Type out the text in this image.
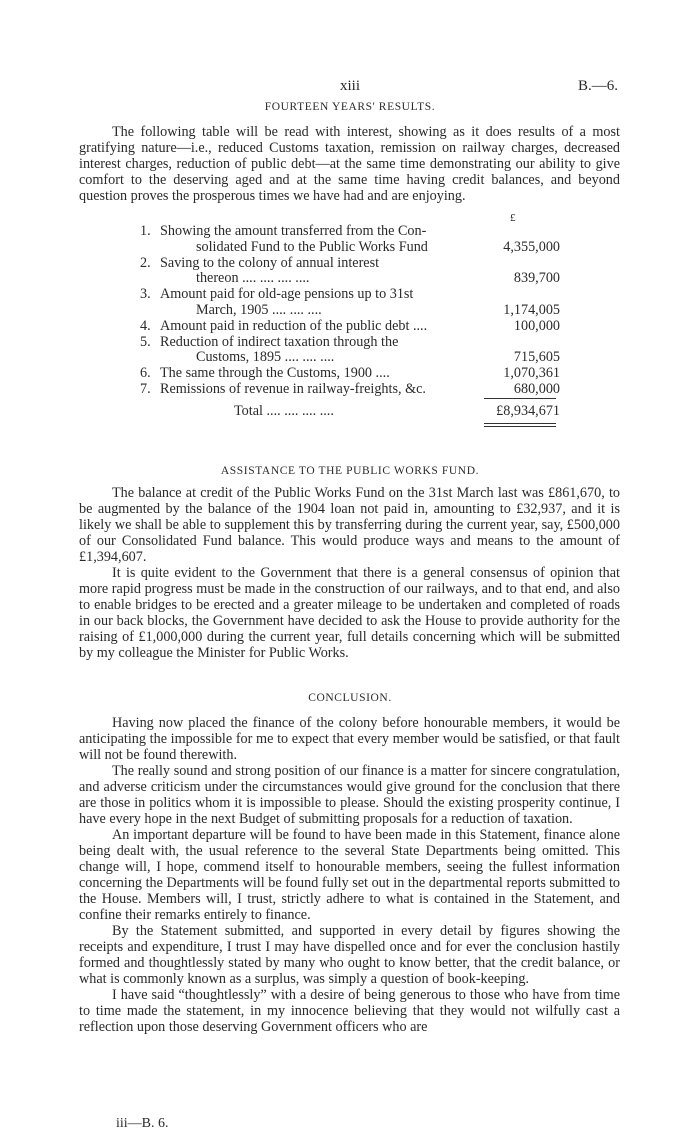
xiii	B.—6.
FOURTEEN YEARS' RESULTS.

The following table will be read with interest, showing as it does results of a most gratifying nature—i.e., reduced Customs taxation, remission on railway charges, decreased interest charges, reduction of public debt—at the same time demonstrating our ability to give comfort to the deserving aged and at the same time having credit balances, and beyond question proves the prosperous times we have had and are enjoying.

£
1. Showing the amount transferred from the Con-
solidated Fund to the Public Works Fund	4,355,000
2. Saving to the colony of annual interest
thereon .... .... .... ....	839,700
3. Amount paid for old-age pensions up to 31st
March, 1905 .... .... ....	1,174,005
4. Amount paid in reduction of the public debt ....	100,000
5. Reduction of indirect taxation through the
Customs, 1895 .... .... ....	715,605
6. The same through the Customs, 1900 ....	1,070,361
7. Remissions of revenue in railway-freights, &c.	680,000
Total .... .... .... ....	£8,934,671
ASSISTANCE TO THE PUBLIC WORKS FUND.

The balance at credit of the Public Works Fund on the 31st March last was £861,670, to be augmented by the balance of the 1904 loan not paid in, amounting to £32,937, and it is likely we shall be able to supplement this by transferring during the current year, say, £500,000 of our Consolidated Fund balance. This would produce ways and means to the amount of £1,394,607.

It is quite evident to the Government that there is a general consensus of opinion that more rapid progress must be made in the construction of our railways, and to that end, and also to enable bridges to be erected and a greater mileage to be undertaken and completed of roads in our back blocks, the Government have decided to ask the House to provide authority for the raising of £1,000,000 during the current year, full details concerning which will be submitted by my colleague the Minister for Public Works.

CONCLUSION.

Having now placed the finance of the colony before honourable members, it would be anticipating the impossible for me to expect that every member would be satisfied, or that fault will not be found therewith.

The really sound and strong position of our finance is a matter for sincere congratulation, and adverse criticism under the circumstances would give ground for the conclusion that there are those in politics whom it is impossible to please. Should the existing prosperity continue, I have every hope in the next Budget of submitting proposals for a reduction of taxation.

An important departure will be found to have been made in this Statement, finance alone being dealt with, the usual reference to the several State Departments being omitted. This change will, I hope, commend itself to honourable members, seeing the fullest information concerning the Departments will be found fully set out in the departmental reports submitted to the House. Members will, I trust, strictly adhere to what is contained in the Statement, and confine their remarks entirely to finance.

By the Statement submitted, and supported in every detail by figures showing the receipts and expenditure, I trust I may have dispelled once and for ever the conclusion hastily formed and thoughtlessly stated by many who ought to know better, that the credit balance, or what is commonly known as a surplus, was simply a question of book-keeping.

I have said “thoughtlessly” with a desire of being generous to those who have from time to time made the statement, in my innocence believing that they would not wilfully cast a reflection upon those deserving Government officers who are

iii—B. 6.
